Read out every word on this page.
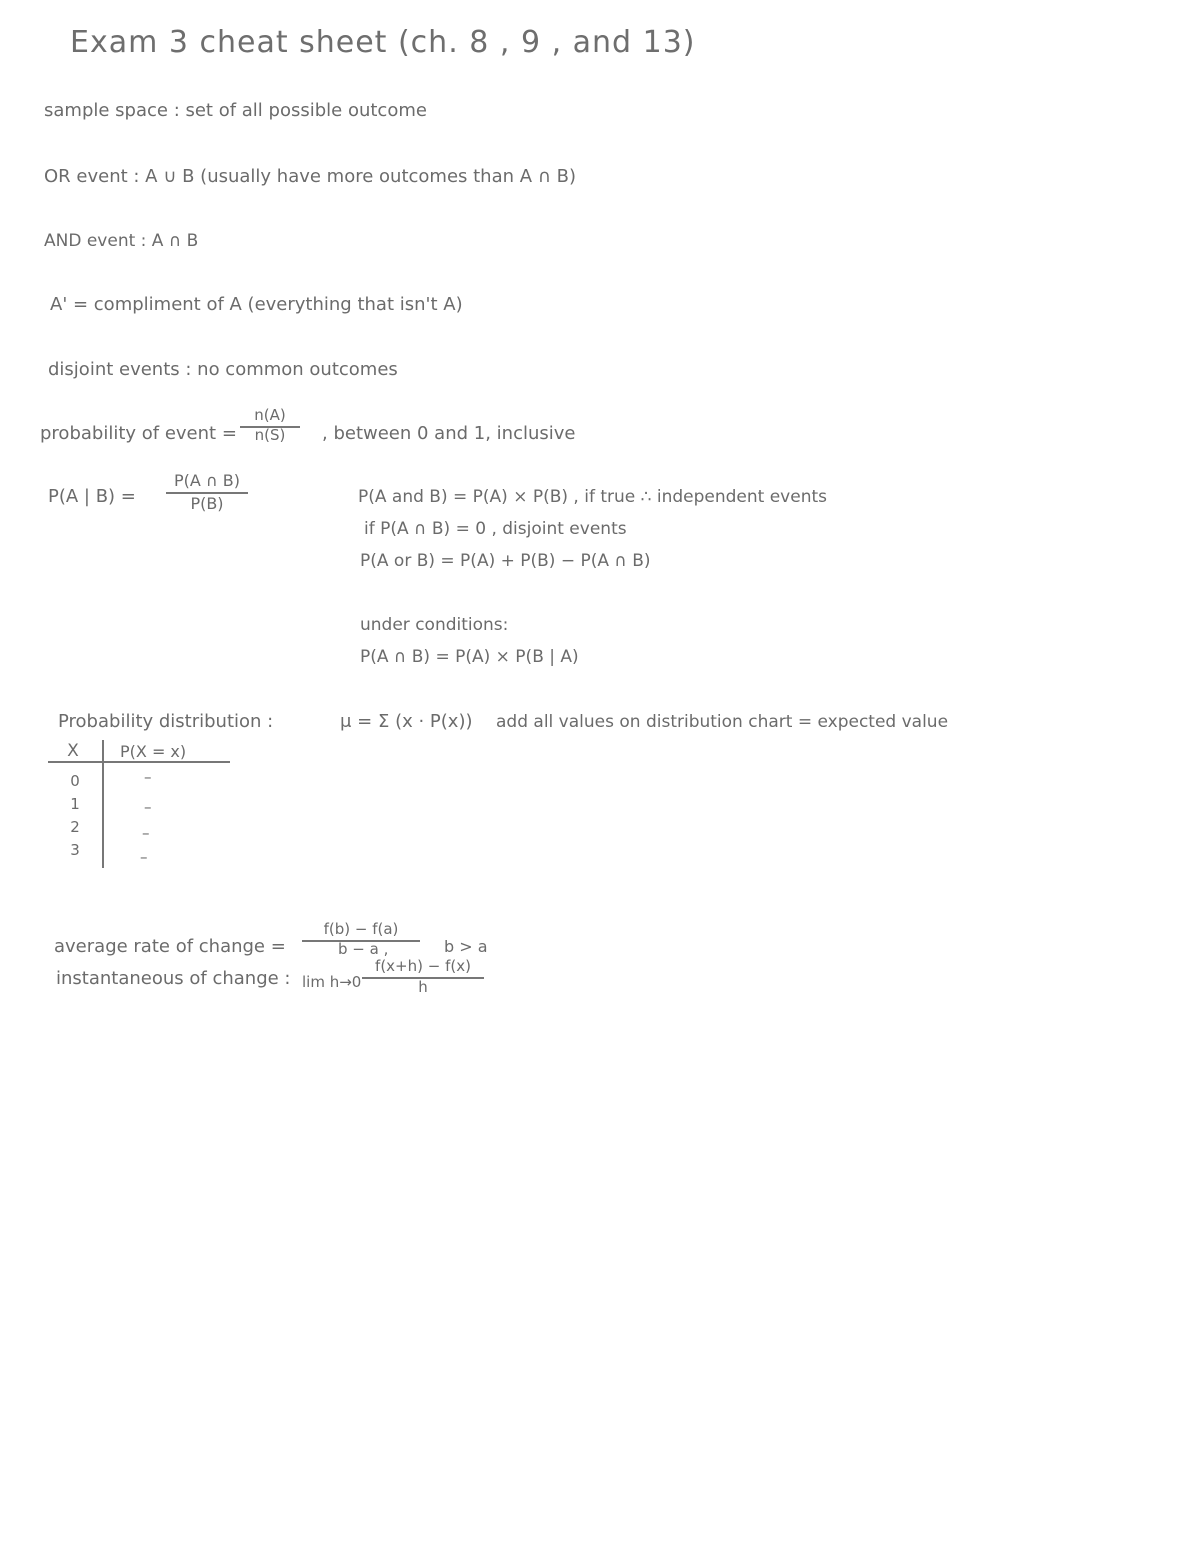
Exam 3 cheat sheet (ch. 8 , 9 , and 13)
sample space : set of all possible outcome
OR event : A ∪ B (usually have more outcomes than A ∩ B)
AND event : A ∩ B
A' = compliment of A (everything that isn't A)
disjoint events : no common outcomes
probability of event =
n(A)
n(S)	, between 0 and 1, inclusive
P(A | B) =
P(A ∩ B)
P(B)	P(A and B) = P(A) × P(B) , if true ∴ independent events
if P(A ∩ B) = 0 , disjoint events
P(A or B) = P(A) + P(B) − P(A ∩ B)
under conditions:
P(A ∩ B) = P(A) × P(B | A)
Probability distribution :	μ = Σ (x · P(x)) add all values on distribution chart = expected value
X	P(X = x)
0	–
1	–
2	–
3	–
average rate of change =
f(b) − f(a)
b − a ,	b > a
instantaneous of change : lim h→0
f(x+h) − f(x)
h
